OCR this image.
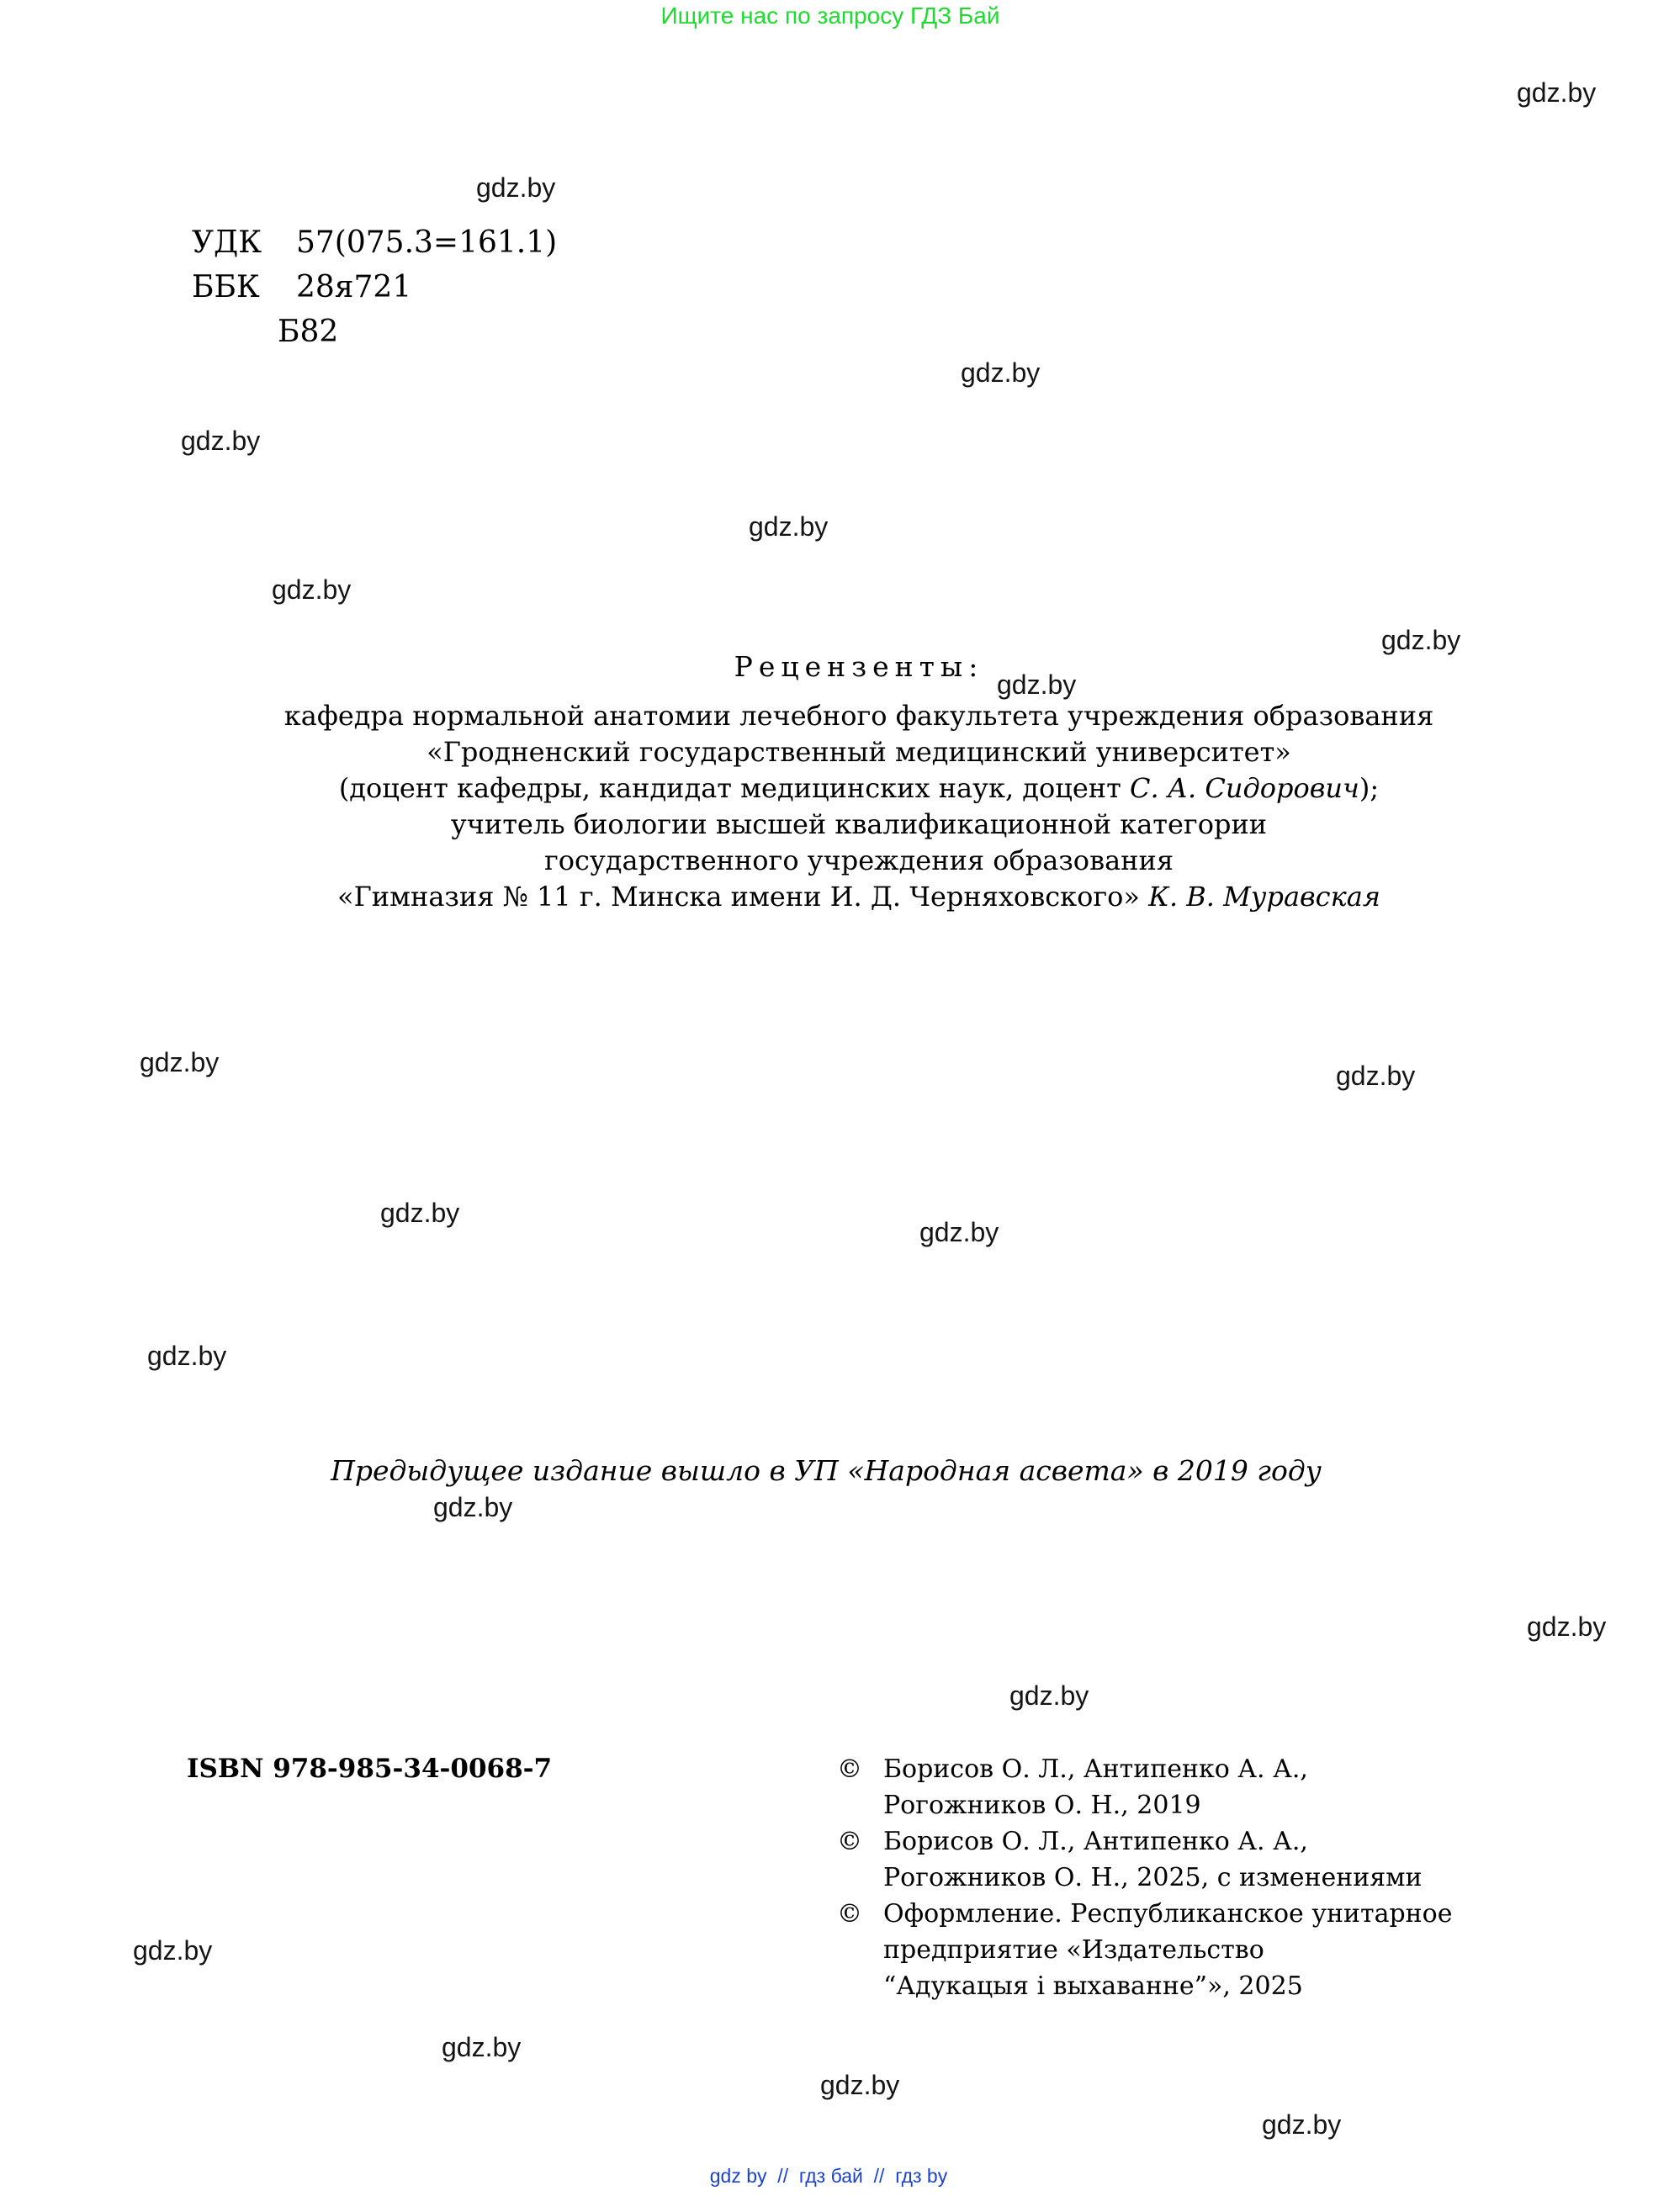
Ищите нас по запросу ГДЗ Бай
gdz.by
gdz.by
gdz.by
gdz.by
gdz.by
gdz.by
gdz.by
gdz.by
gdz.by	gdz.by
gdz.by
gdz.by
gdz.by
gdz.by
gdz.by
gdz.by
gdz.by
gdz.by
gdz.by
gdz.by
УДК	57(075.3=161.1)
ББК	28я721
Б82
Рецензенты:
кафедра нормальной анатомии лечебного факультета учреждения образования
«Гродненский государственный медицинский университет»
(доцент кафедры, кандидат медицинских наук, доцент С. А. Сидорович);
учитель биологии высшей квалификационной категории
государственного учреждения образования
«Гимназия № 11 г. Минска имени И. Д. Черняховского» К. В. Муравская
Предыдущее издание вышло в УП «Народная асвета» в 2019 году
ISBN 978-985-34-0068-7	© Борисов О. Л., Антипенко А. А.,
Рогожников О. Н., 2019
© Борисов О. Л., Антипенко А. А.,
Рогожников О. Н., 2025, с изменениями
© Оформление. Республиканское унитарное
предприятие «Издательство
“Адукацыя і выхаванне”», 2025
gdz by  //  гдз бай  //  гдз by
